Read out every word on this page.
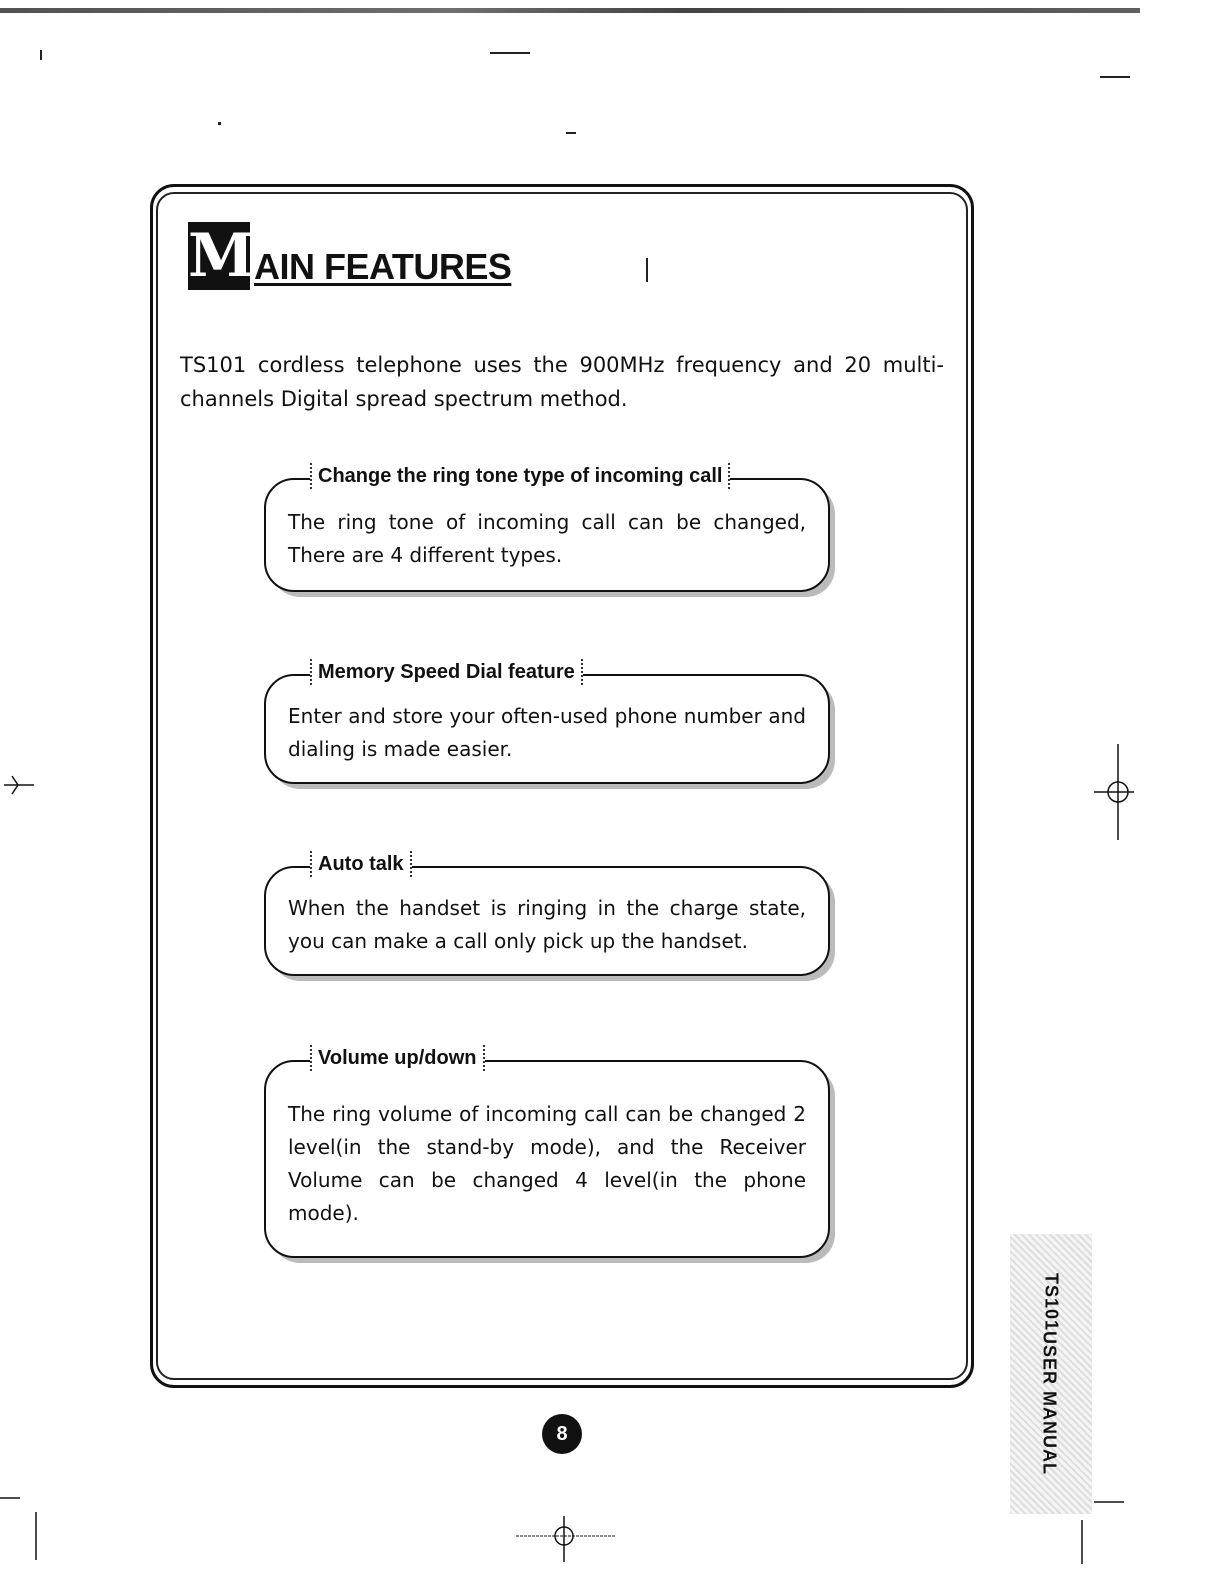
M AIN FEATURES
TS101 cordless telephone uses the 900MHz frequency and 20 multi-channels Digital spread spectrum method.
Change the ring tone type of incoming call
The ring tone of incoming call can be changed, There are 4 different types.
Memory Speed Dial feature
Enter and store your often-used phone number and dialing is made easier.
Auto talk
When the handset is ringing in the charge state, you can make a call only pick up the handset.
Volume up/down
The ring volume of incoming call can be changed 2 level(in the stand-by mode), and the Receiver Volume can be changed 4 level(in the phone mode).
8
TS101
USER MANUAL
